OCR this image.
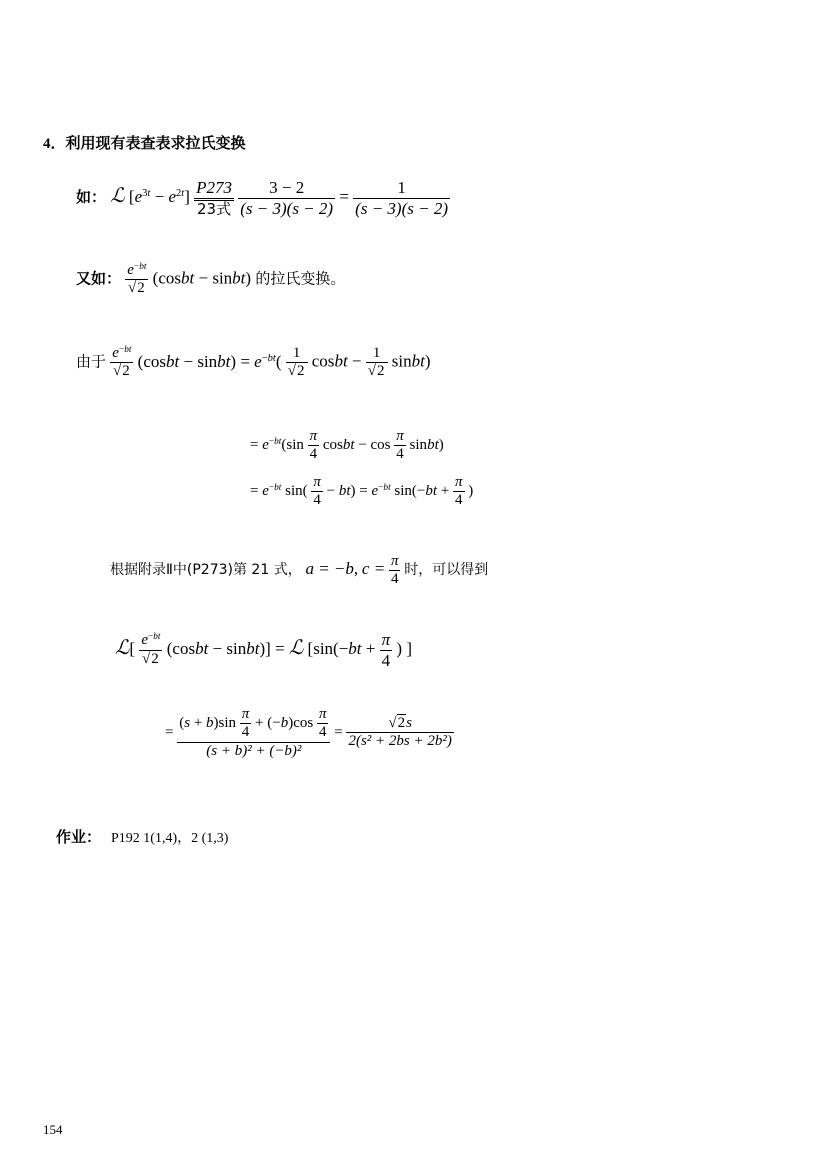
4．利用现有表查表求拉氏变换
如： ℒ $[e^{3t} - e^{2t}] \frac{P273}{\text{23式}}$
$\frac{3 - 2}{(s - 3)(s - 2)} = \frac{1}{(s - 3)(s - 2)}$
又如： $\frac{e^{-bt}}{√2}$ (cosbt − sinbt) 的拉氏变换。
由于 $\frac{e^{-bt}}{√2}$ (cosbt − sinbt) = $e^{-bt}( \frac{1}{√2}$ cosbt − $\frac{1}{√2}$ sinbt)
= $e^{-bt}(\sin \frac{\pi}{4}$ cosbt − $\cos \frac{\pi}{4}$ sinbt)
= $e^{-bt}$ $\sin( \frac{\pi}{4} - bt) = e^{-bt}$ $\sin(-bt + \frac{\pi}{4}$ )
根据附录Ⅱ中(P273)第 21 式， a = −b, $c = \frac{\pi}{4}$ 时，可以得到
ℒ[ $\frac{e^{-bt}}{√2}$ (cosbt − sinbt)] = ℒ [$\sin(-bt + \frac{\pi}{4}$ ) ]
=
$(s + b)\sin \frac{\pi}{4} + (-b)\cos \frac{\pi}{4}$
(s + b)² + (−b)²
= $\frac{√2s}{\text{2(s² + 2bs + 2b²)}}$
作业： P192 1(1,4)，2 (1,3)
154
